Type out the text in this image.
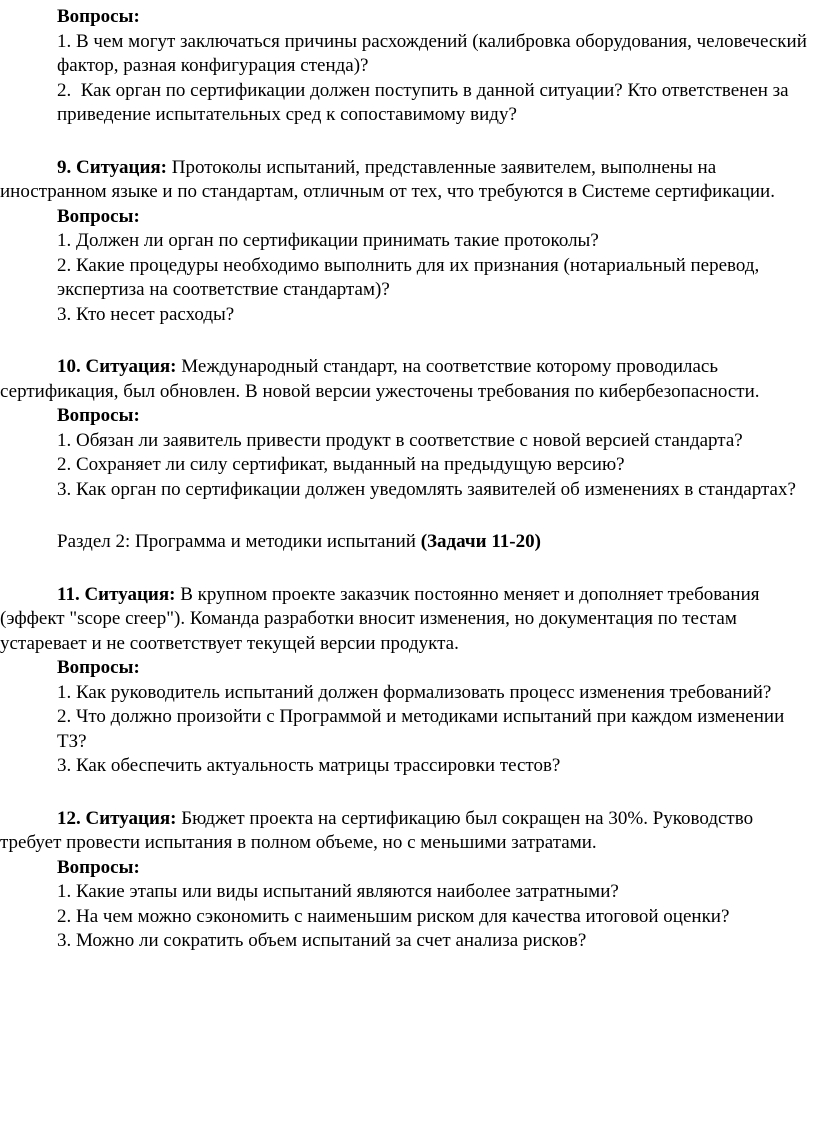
Вопросы:

1. В чем могут заключаться причины расхождений (калибровка оборудования, человеческий фактор, разная конфигурация стенда)?

2.  Как орган по сертификации должен поступить в данной ситуации? Кто ответственен за приведение испытательных сред к сопоставимому виду?

9. Ситуация: Протоколы испытаний, представленные заявителем, выполнены на иностранном языке и по стандартам, отличным от тех, что требуются в Системе сертификации.

Вопросы:

1. Должен ли орган по сертификации принимать такие протоколы?

2. Какие процедуры необходимо выполнить для их признания (нотариальный перевод, экспертиза на соответствие стандартам)?

3. Кто несет расходы?

10. Ситуация: Международный стандарт, на соответствие которому проводилась сертификация, был обновлен. В новой версии ужесточены требования по кибербезопасности.

Вопросы:

1. Обязан ли заявитель привести продукт в соответствие с новой версией стандарта?

2. Сохраняет ли силу сертификат, выданный на предыдущую версию?

3. Как орган по сертификации должен уведомлять заявителей об изменениях в стандартах?

Раздел 2: Программа и методики испытаний (Задачи 11-20)

11. Ситуация: В крупном проекте заказчик постоянно меняет и дополняет требования (эффект "scope creep"). Команда разработки вносит изменения, но документация по тестам устаревает и не соответствует текущей версии продукта.

Вопросы:

1. Как руководитель испытаний должен формализовать процесс изменения требований?

2. Что должно произойти с Программой и методиками испытаний при каждом изменении ТЗ?

3. Как обеспечить актуальность матрицы трассировки тестов?

12. Ситуация: Бюджет проекта на сертификацию был сокращен на 30%. Руководство требует провести испытания в полном объеме, но с меньшими затратами.

Вопросы:

1. Какие этапы или виды испытаний являются наиболее затратными?

2. На чем можно сэкономить с наименьшим риском для качества итоговой оценки?

3. Можно ли сократить объем испытаний за счет анализа рисков?
